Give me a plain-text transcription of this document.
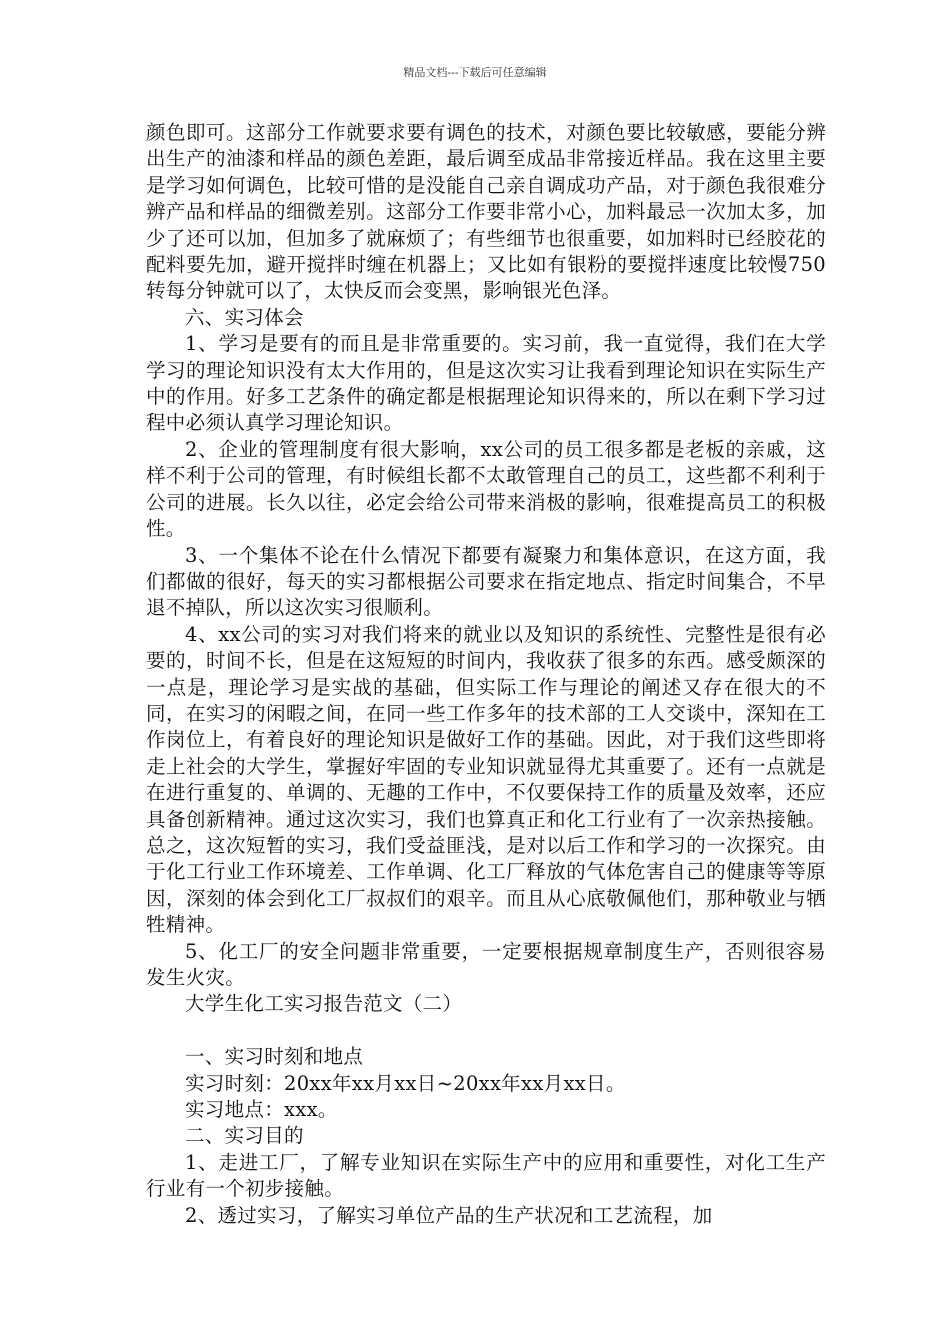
精品文档---下载后可任意编辑

颜色即可。这部分工作就要求要有调色的技术，对颜色要比较敏感，要能分辨出生产的油漆和样品的颜色差距，最后调至成品非常接近样品。我在这里主要是学习如何调色，比较可惜的是没能自己亲自调成功产品，对于颜色我很难分辨产品和样品的细微差别。这部分工作要非常小心，加料最忌一次加太多，加少了还可以加，但加多了就麻烦了；有些细节也很重要，如加料时已经胶花的配料要先加，避开搅拌时缠在机器上；又比如有银粉的要搅拌速度比较慢750转每分钟就可以了，太快反而会变黑，影响银光色泽。

六、实习体会

1、学习是要有的而且是非常重要的。实习前，我一直觉得，我们在大学学习的理论知识没有太大作用的，但是这次实习让我看到理论知识在实际生产中的作用。好多工艺条件的确定都是根据理论知识得来的，所以在剩下学习过程中必须认真学习理论知识。

2、企业的管理制度有很大影响，xx公司的员工很多都是老板的亲戚，这样不利于公司的管理，有时候组长都不太敢管理自己的员工，这些都不利利于公司的进展。长久以往，必定会给公司带来消极的影响，很难提高员工的积极性。

3、一个集体不论在什么情况下都要有凝聚力和集体意识，在这方面，我们都做的很好，每天的实习都根据公司要求在指定地点、指定时间集合，不早退不掉队，所以这次实习很顺利。

4、xx公司的实习对我们将来的就业以及知识的系统性、完整性是很有必要的，时间不长，但是在这短短的时间内，我收获了很多的东西。感受颇深的一点是，理论学习是实战的基础，但实际工作与理论的阐述又存在很大的不同，在实习的闲暇之间，在同一些工作多年的技术部的工人交谈中，深知在工作岗位上，有着良好的理论知识是做好工作的基础。因此，对于我们这些即将走上社会的大学生，掌握好牢固的专业知识就显得尤其重要了。还有一点就是在进行重复的、单调的、无趣的工作中，不仅要保持工作的质量及效率，还应具备创新精神。通过这次实习，我们也算真正和化工行业有了一次亲热接触。总之，这次短暂的实习，我们受益匪浅，是对以后工作和学习的一次探究。由于化工行业工作环境差、工作单调、化工厂释放的气体危害自己的健康等等原因，深刻的体会到化工厂叔叔们的艰辛。而且从心底敬佩他们，那种敬业与牺牲精神。

5、化工厂的安全问题非常重要，一定要根据规章制度生产，否则很容易发生火灾。

大学生化工实习报告范文（二）

一、实习时刻和地点

实习时刻：20xx年xx月xx日~20xx年xx月xx日。

实习地点：xxx。

二、实习目的

1、走进工厂，了解专业知识在实际生产中的应用和重要性，对化工生产行业有一个初步接触。

2、透过实习，了解实习单位产品的生产状况和工艺流程，加
